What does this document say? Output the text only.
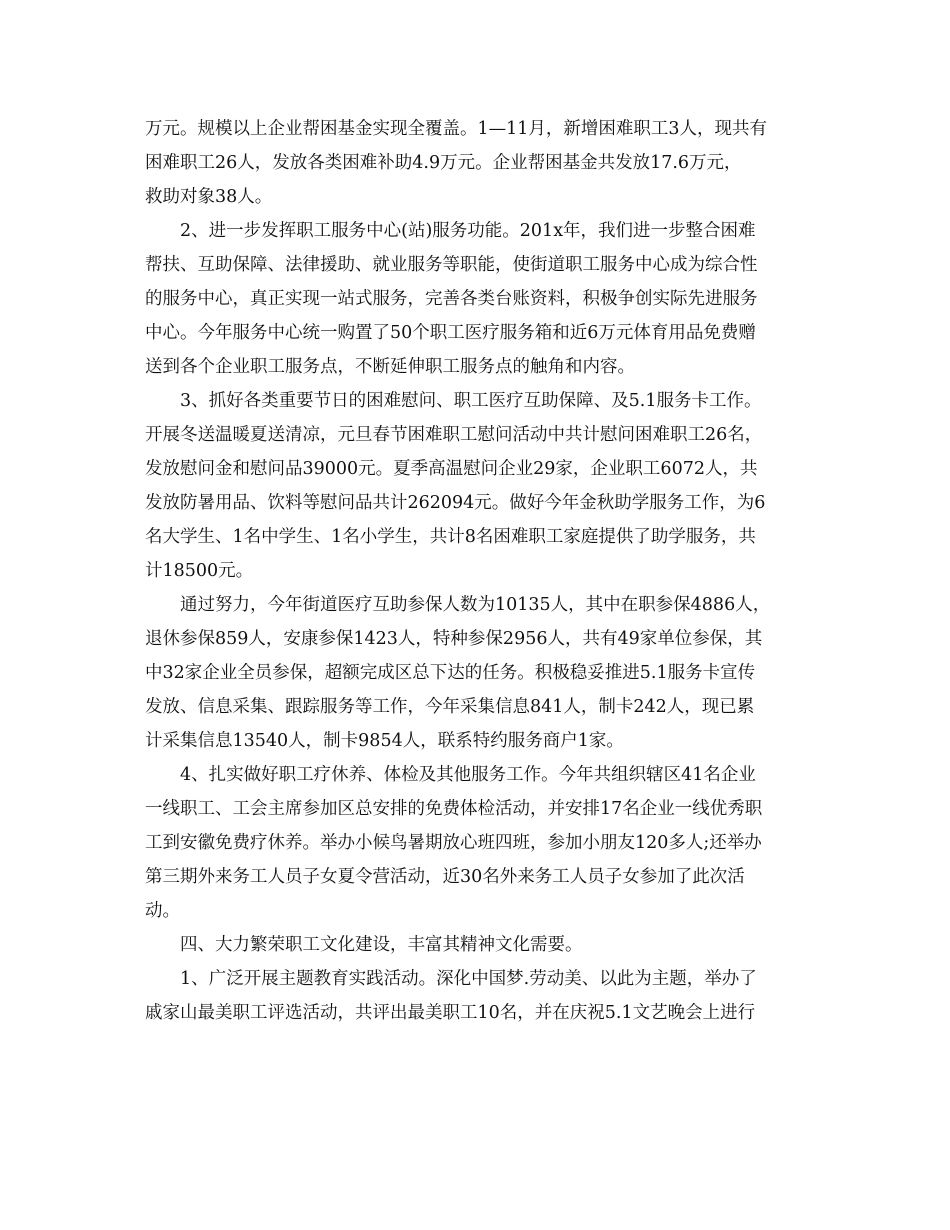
万元。规模以上企业帮困基金实现全覆盖。1—11月，新增困难职工3人，现共有
困难职工26人，发放各类困难补助4.9万元。企业帮困基金共发放17.6万元，
救助对象38人。
2、进一步发挥职工服务中心(站)服务功能。201x年，我们进一步整合困难
帮扶、互助保障、法律援助、就业服务等职能，使街道职工服务中心成为综合性
的服务中心，真正实现一站式服务，完善各类台账资料，积极争创实际先进服务
中心。今年服务中心统一购置了50个职工医疗服务箱和近6万元体育用品免费赠
送到各个企业职工服务点，不断延伸职工服务点的触角和内容。
3、抓好各类重要节日的困难慰问、职工医疗互助保障、及5.1服务卡工作。
开展冬送温暖夏送清凉，元旦春节困难职工慰问活动中共计慰问困难职工26名，
发放慰问金和慰问品39000元。夏季高温慰问企业29家，企业职工6072人，共
发放防暑用品、饮料等慰问品共计262094元。做好今年金秋助学服务工作，为6
名大学生、1名中学生、1名小学生，共计8名困难职工家庭提供了助学服务，共
计18500元。
通过努力，今年街道医疗互助参保人数为10135人，其中在职参保4886人，
退休参保859人，安康参保1423人，特种参保2956人，共有49家单位参保，其
中32家企业全员参保，超额完成区总下达的任务。积极稳妥推进5.1服务卡宣传
发放、信息采集、跟踪服务等工作，今年采集信息841人，制卡242人，现已累
计采集信息13540人，制卡9854人，联系特约服务商户1家。
4、扎实做好职工疗休养、体检及其他服务工作。今年共组织辖区41名企业
一线职工、工会主席参加区总安排的免费体检活动，并安排17名企业一线优秀职
工到安徽免费疗休养。举办小候鸟暑期放心班四班，参加小朋友120多人;还举办
第三期外来务工人员子女夏令营活动，近30名外来务工人员子女参加了此次活
动。
四、大力繁荣职工文化建设，丰富其精神文化需要。
1、广泛开展主题教育实践活动。深化中国梦.劳动美、以此为主题，举办了
戚家山最美职工评选活动，共评出最美职工10名，并在庆祝5.1文艺晚会上进行
